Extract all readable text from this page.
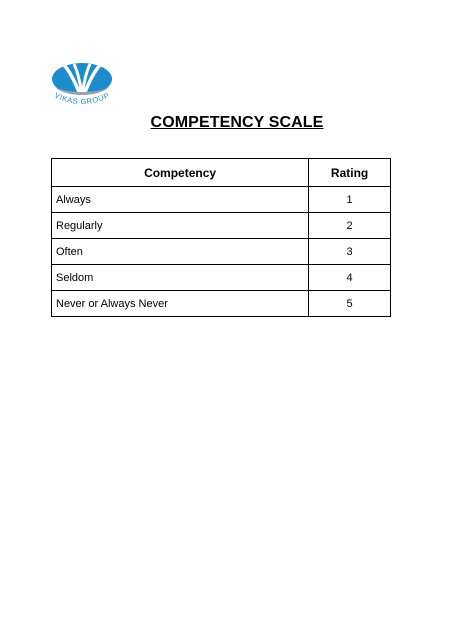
VIKAS GROUP
COMPETENCY SCALE
Competency	Rating
Always	1
Regularly	2
Often	3
Seldom	4
Never or Always Never	5
